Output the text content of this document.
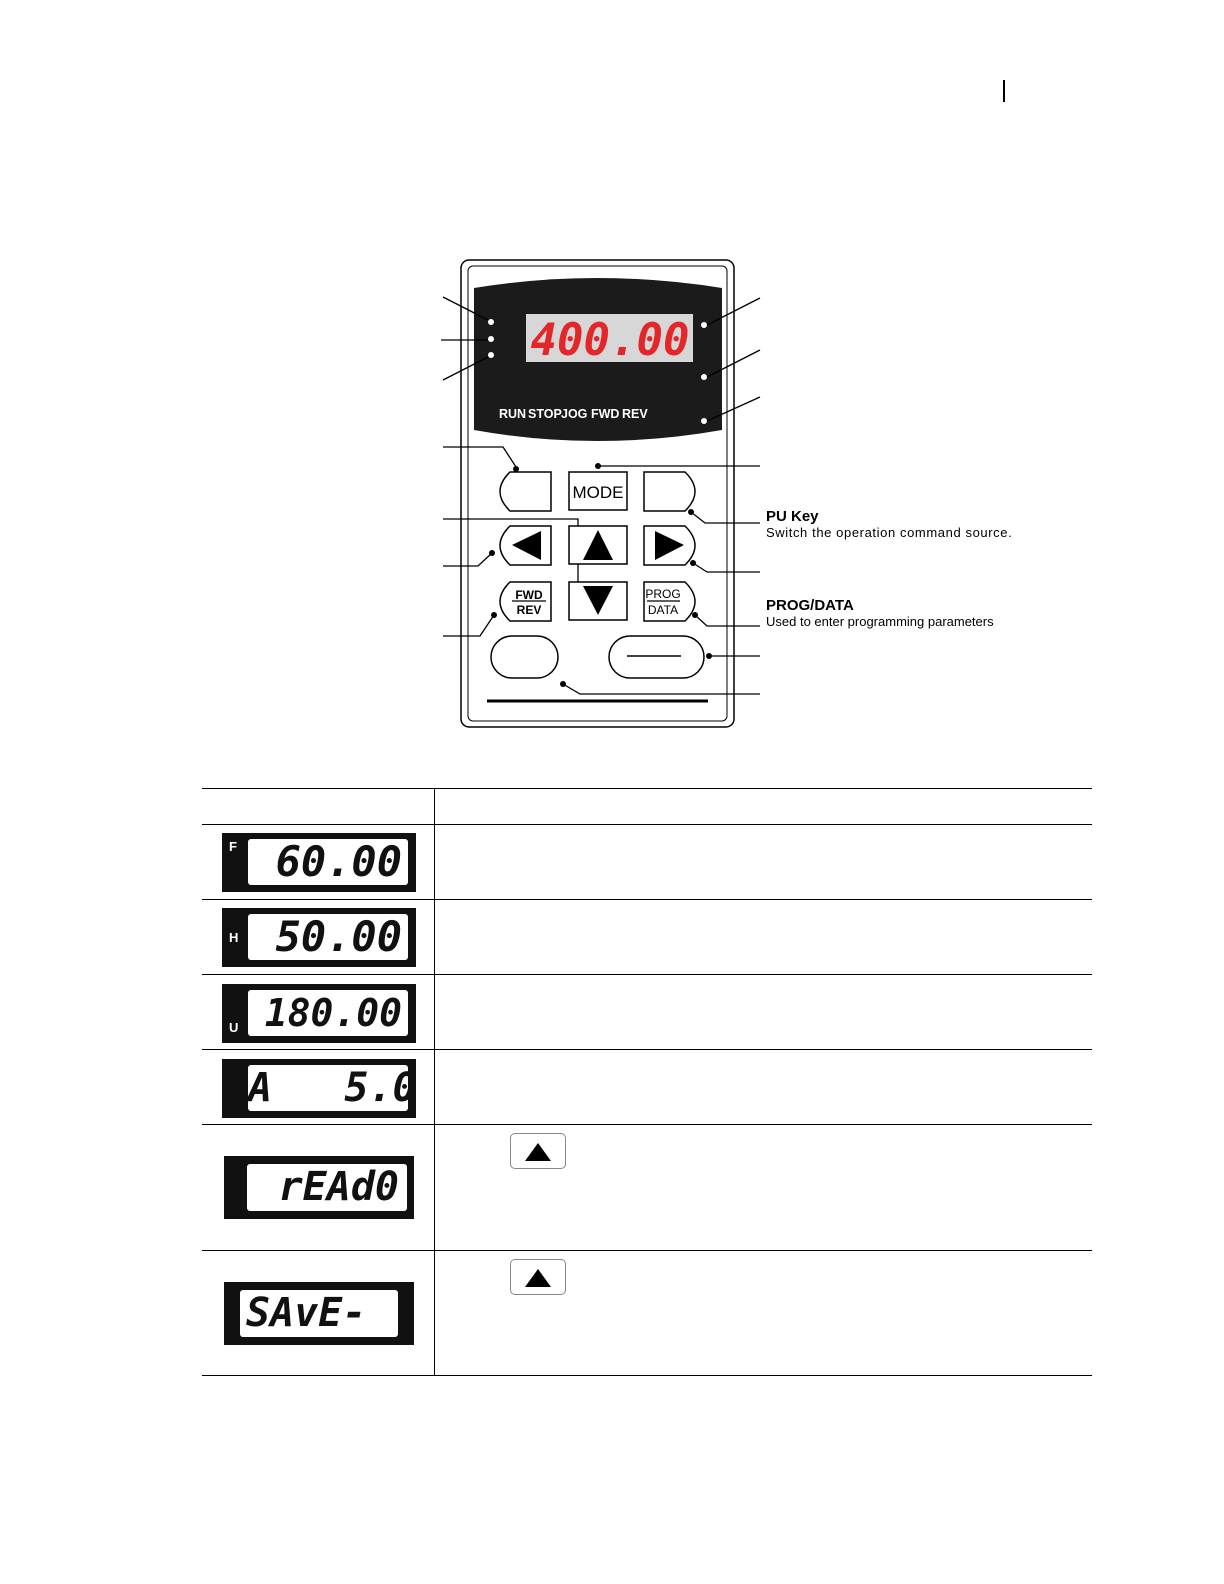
400.00
RUN STOP JOG FWD REV
MODE
FWD
REV
PROG
DATA
PU Key
Switch the operation command source.
PROG/DATA
Used to enter programming parameters
F 60.00
H 50.00
U 180.00
A   5.0
rEAd0
SAvE-
